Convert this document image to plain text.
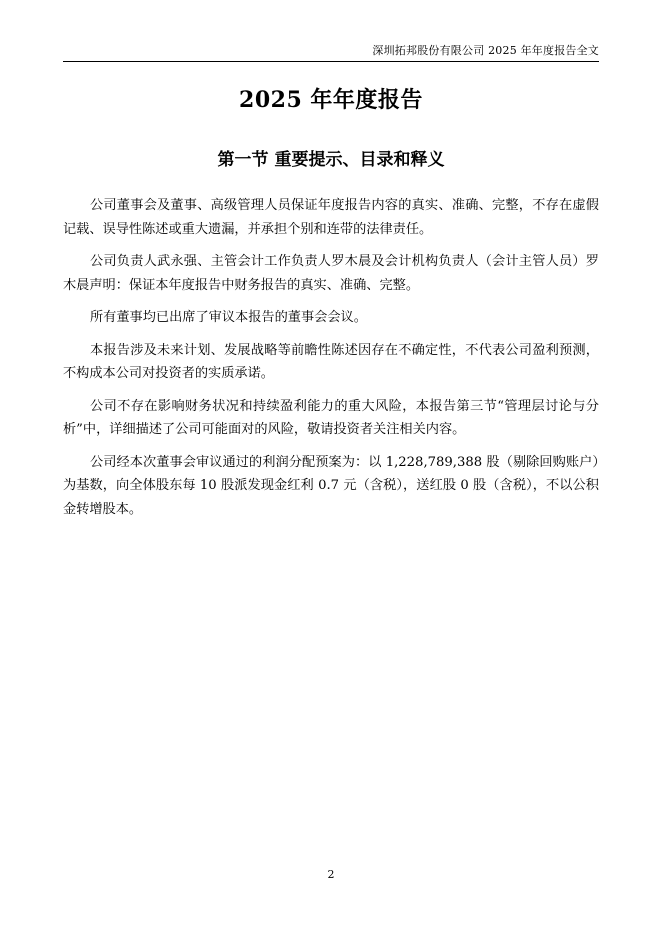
深圳拓邦股份有限公司 2025 年年度报告全文
2025 年年度报告
第一节 重要提示、目录和释义

公司董事会及董事、高级管理人员保证年度报告内容的真实、准确、完整，不存在虚假记载、误导性陈述或重大遗漏，并承担个别和连带的法律责任。

公司负责人武永强、主管会计工作负责人罗木晨及会计机构负责人（会计主管人员）罗木晨声明：保证本年度报告中财务报告的真实、准确、完整。

所有董事均已出席了审议本报告的董事会会议。

本报告涉及未来计划、发展战略等前瞻性陈述因存在不确定性，不代表公司盈利预测，不构成本公司对投资者的实质承诺。

公司不存在影响财务状况和持续盈利能力的重大风险，本报告第三节“管理层讨论与分析”中，详细描述了公司可能面对的风险，敬请投资者关注相关内容。

公司经本次董事会审议通过的利润分配预案为：以 1,228,789,388 股（剔除回购账户）为基数，向全体股东每 10 股派发现金红利 0.7 元（含税），送红股 0 股（含税），不以公积金转增股本。

2
